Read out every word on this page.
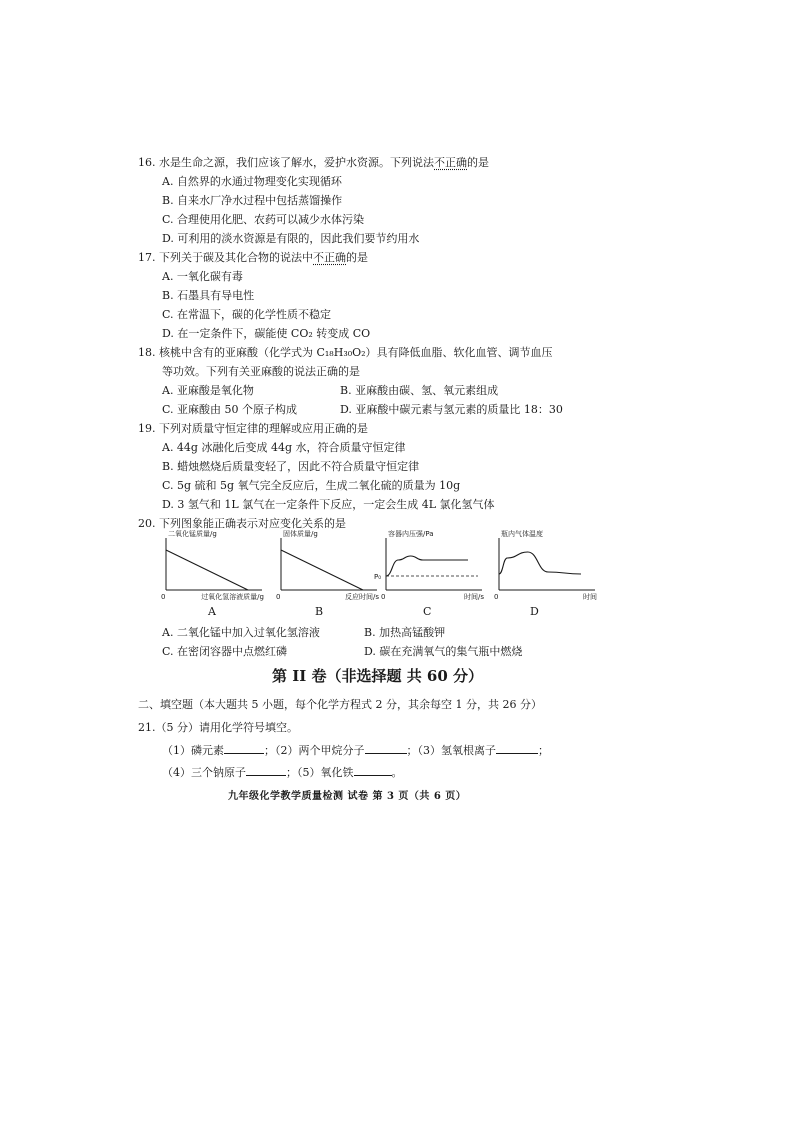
16. 水是生命之源，我们应该了解水，爱护水资源。下列说法不正确的是
A. 自然界的水通过物理变化实现循环
B. 自来水厂净水过程中包括蒸馏操作
C. 合理使用化肥、农药可以减少水体污染
D. 可利用的淡水资源是有限的，因此我们要节约用水
17. 下列关于碳及其化合物的说法中不正确的是
A. 一氧化碳有毒
B. 石墨具有导电性
C. 在常温下，碳的化学性质不稳定
D. 在一定条件下，碳能使 CO₂ 转变成 CO
18. 核桃中含有的亚麻酸（化学式为 C₁₈H₃₀O₂）具有降低血脂、软化血管、调节血压
等功效。下列有关亚麻酸的说法正确的是
A. 亚麻酸是氧化物	B. 亚麻酸由碳、氢、氧元素组成
C. 亚麻酸由 50 个原子构成	D. 亚麻酸中碳元素与氢元素的质量比 18：30
19. 下列对质量守恒定律的理解或应用正确的是
A. 44g 冰融化后变成 44g 水，符合质量守恒定律
B. 蜡烛燃烧后质量变轻了，因此不符合质量守恒定律
C. 5g 硫和 5g 氧气完全反应后，生成二氧化硫的质量为 10g
D. 3 氢气和 1L 氯气在一定条件下反应，一定会生成 4L 氯化氢气体
20. 下列图象能正确表示对应变化关系的是
二氧化锰质量/g
过氧化氢溶液质量/g
0
固体质量/g
反应时间/s
0
容器内压强/Pa
时间/s
0
P₀
瓶内气体温度
时间
0
A	B	C	D
A. 二氧化锰中加入过氧化氢溶液	B. 加热高锰酸钾
C. 在密闭容器中点燃红磷	D. 碳在充满氧气的集气瓶中燃烧
第 II 卷（非选择题 共 60 分）
二、填空题（本大题共 5 小题，每个化学方程式 2 分，其余每空 1 分，共 26 分）
21.（5 分）请用化学符号填空。
（1）磷元素	；（2）两个甲烷分子	；（3）氢氧根离子	；
（4）三个钠原子	；（5）氧化铁	。
九年级化学教学质量检测 试卷 第 3 页（共 6 页）
